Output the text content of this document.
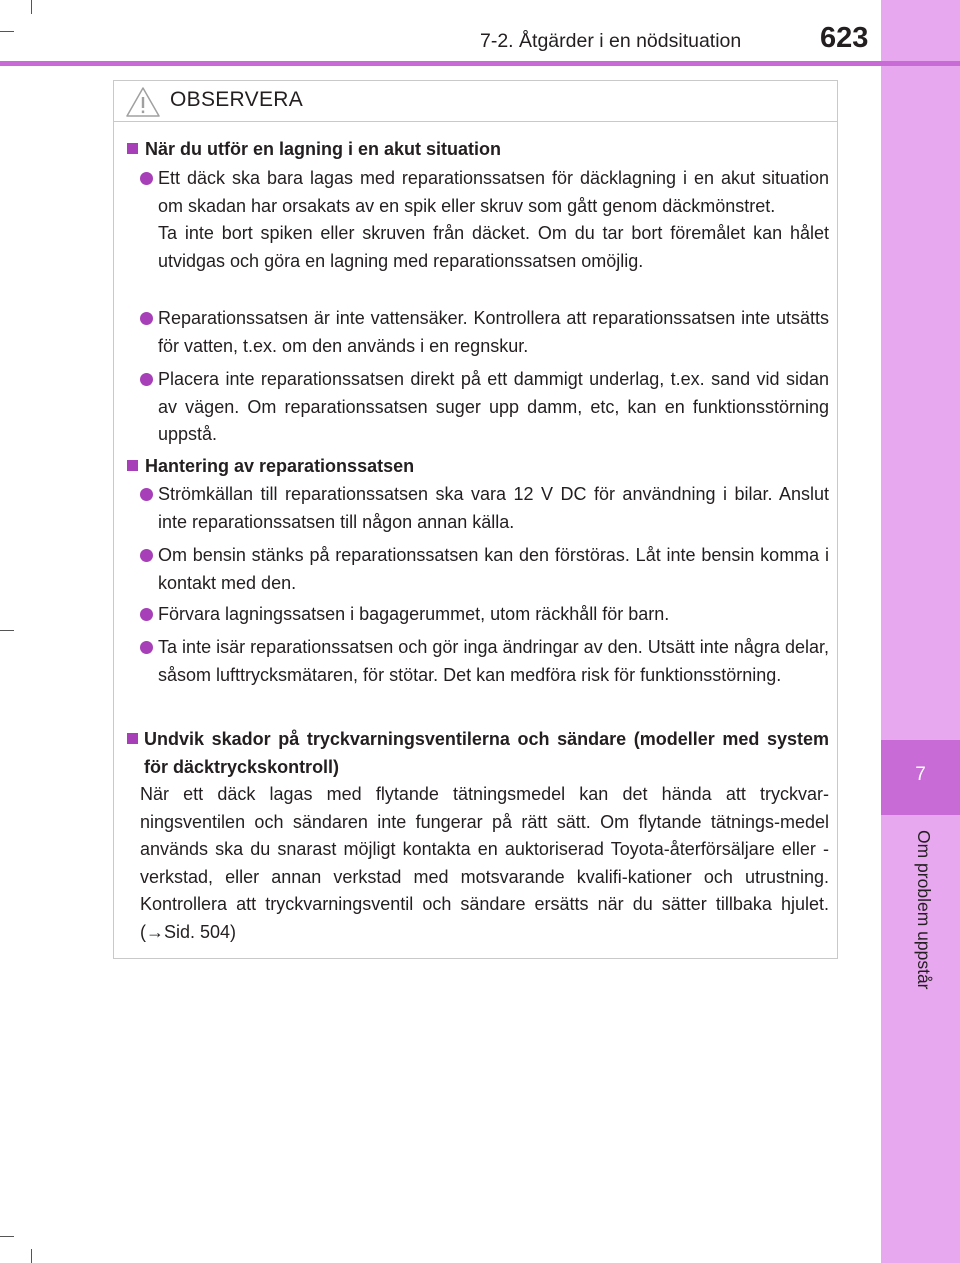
7
Om problem uppstår
7-2. Åtgärder i en nödsituation	623
OBSERVERA
När du utför en lagning i en akut situation
Ett däck ska bara lagas med reparationssatsen för däcklagning i en akut situation om skadan har orsakats av en spik eller skruv som gått genom däckmönstret.
Ta inte bort spiken eller skruven från däcket. Om du tar bort föremålet kan hålet utvidgas och göra en lagning med reparationssatsen omöjlig.
Reparationssatsen är inte vattensäker. Kontrollera att reparationssatsen inte utsätts för vatten, t.ex. om den används i en regnskur.
Placera inte reparationssatsen direkt på ett dammigt underlag, t.ex. sand vid sidan av vägen. Om reparationssatsen suger upp damm, etc, kan en funktionsstörning uppstå.
Hantering av reparationssatsen
Strömkällan till reparationssatsen ska vara 12 V DC för användning i bilar. Anslut inte reparationssatsen till någon annan källa.
Om bensin stänks på reparationssatsen kan den förstöras. Låt inte bensin komma i kontakt med den.
Förvara lagningssatsen i bagagerummet, utom räckhåll för barn.
Ta inte isär reparationssatsen och gör inga ändringar av den. Utsätt inte några delar, såsom lufttrycksmätaren, för stötar. Det kan medföra risk för funktionsstörning.
Undvik skador på tryckvarningsventilerna och sändare (modeller med system för däcktryckskontroll)
När ett däck lagas med flytande tätningsmedel kan det hända att tryckvar-ningsventilen och sändaren inte fungerar på rätt sätt. Om flytande tätnings-medel används ska du snarast möjligt kontakta en auktoriserad Toyota-återförsäljare eller -verkstad, eller annan verkstad med motsvarande kvalifi-kationer och utrustning. Kontrollera att tryckvarningsventil och sändare ersätts när du sätter tillbaka hjulet. (→Sid. 504)
